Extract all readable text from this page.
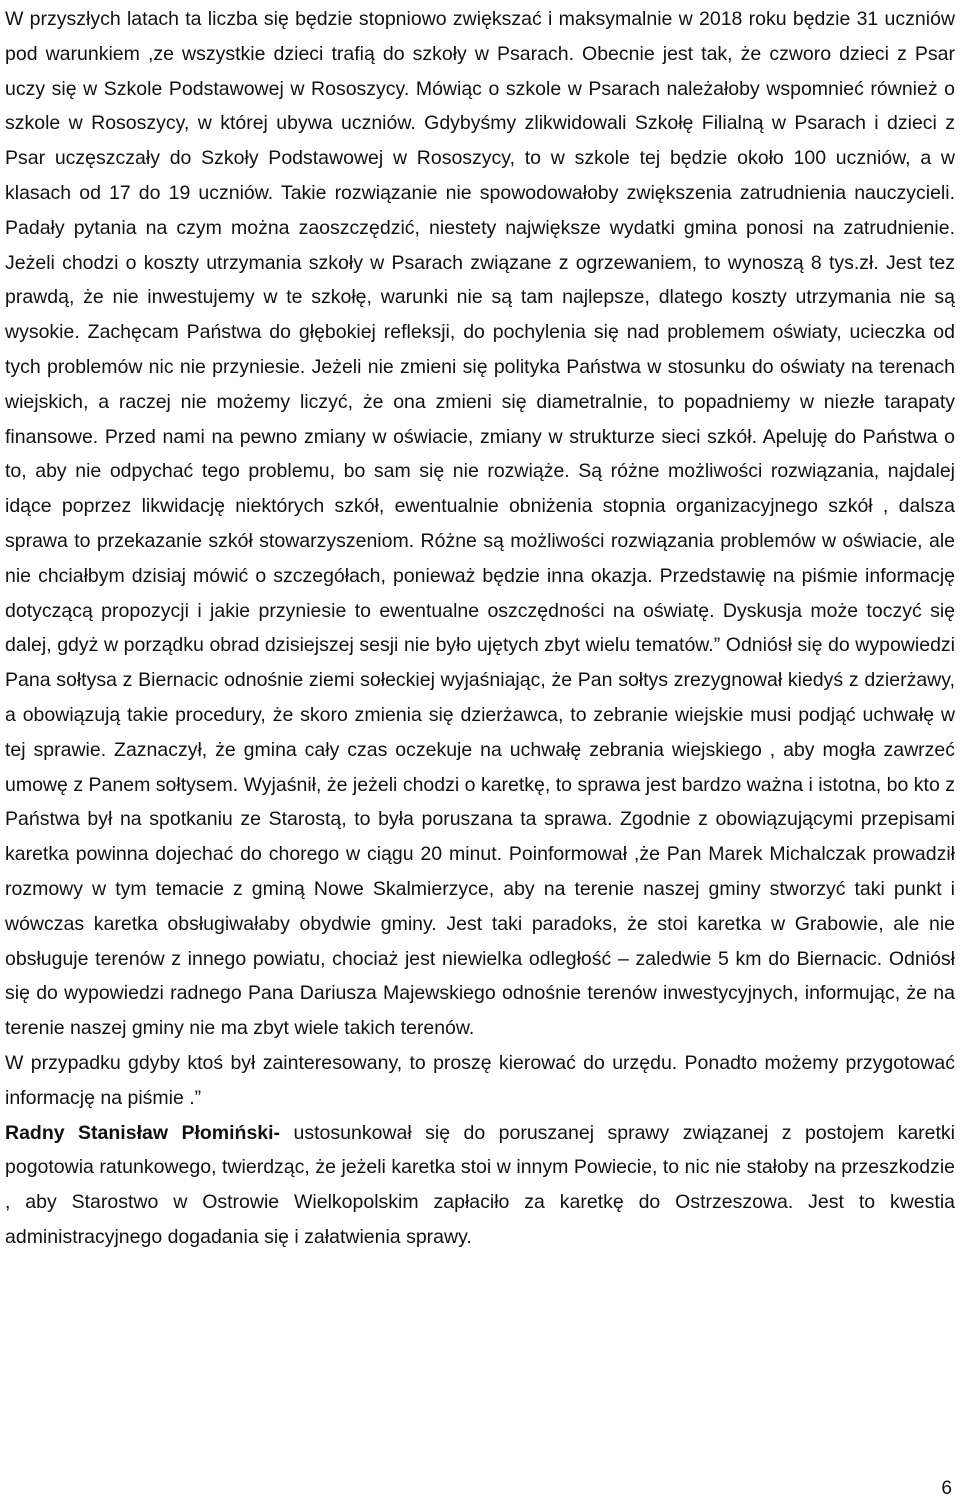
W przyszłych latach ta liczba się będzie stopniowo zwiększać i maksymalnie w 2018 roku będzie 31 uczniów pod warunkiem ,ze wszystkie dzieci trafią do szkoły w Psarach. Obecnie jest tak, że czworo dzieci z Psar uczy się w Szkole Podstawowej w Rososzycy. Mówiąc o szkole w Psarach należałoby wspomnieć również o szkole w Rososzycy, w której ubywa uczniów. Gdybyśmy zlikwidowali Szkołę Filialną w Psarach i dzieci z Psar uczęszczały do Szkoły Podstawowej w Rososzycy, to w szkole tej będzie około 100 uczniów, a w klasach od 17 do 19 uczniów. Takie rozwiązanie nie spowodowałoby zwiększenia zatrudnienia nauczycieli. Padały pytania na czym można zaoszczędzić, niestety największe wydatki gmina ponosi na zatrudnienie. Jeżeli chodzi o koszty utrzymania szkoły w Psarach związane z ogrzewaniem, to wynoszą 8 tys.zł. Jest tez prawdą, że nie inwestujemy w te szkołę, warunki nie są tam najlepsze, dlatego koszty utrzymania nie są wysokie. Zachęcam Państwa do głębokiej refleksji, do pochylenia się nad problemem oświaty, ucieczka od tych problemów nic nie przyniesie. Jeżeli nie zmieni się polityka Państwa w stosunku do oświaty na terenach wiejskich, a raczej nie możemy liczyć, że ona zmieni się diametralnie, to popadniemy w niezłe tarapaty finansowe. Przed nami na pewno zmiany w oświacie, zmiany w strukturze sieci szkół. Apeluję do Państwa o to, aby nie odpychać tego problemu, bo sam się nie rozwiąże. Są różne możliwości rozwiązania, najdalej idące poprzez likwidację niektórych szkół, ewentualnie obniżenia stopnia organizacyjnego szkół , dalsza sprawa to przekazanie szkół stowarzyszeniom. Różne są możliwości rozwiązania problemów w oświacie, ale nie chciałbym dzisiaj mówić o szczegółach, ponieważ będzie inna okazja. Przedstawię na piśmie informację dotyczącą propozycji i jakie przyniesie to ewentualne oszczędności na oświatę. Dyskusja może toczyć się dalej, gdyż w porządku obrad dzisiejszej sesji nie było ujętych zbyt wielu tematów.” Odniósł się do wypowiedzi Pana sołtysa z Biernacic odnośnie ziemi sołeckiej wyjaśniając, że Pan sołtys zrezygnował kiedyś z dzierżawy, a obowiązują takie procedury, że skoro zmienia się dzierżawca, to zebranie wiejskie musi podjąć uchwałę w tej sprawie. Zaznaczył, że gmina cały czas oczekuje na uchwałę zebrania wiejskiego , aby mogła zawrzeć umowę z Panem sołtysem. Wyjaśnił, że jeżeli chodzi o karetkę, to sprawa jest bardzo ważna i istotna, bo kto z Państwa był na spotkaniu ze Starostą, to była poruszana ta sprawa. Zgodnie z obowiązującymi przepisami karetka powinna dojechać do chorego w ciągu 20 minut. Poinformował ,że Pan Marek Michalczak prowadził rozmowy w tym temacie z gminą Nowe Skalmierzyce, aby na terenie naszej gminy stworzyć taki punkt i wówczas karetka obsługiwałaby obydwie gminy. Jest taki paradoks, że stoi karetka w Grabowie, ale nie obsługuje terenów z innego powiatu, chociaż jest niewielka odległość – zaledwie 5 km do Biernacic. Odniósł się do wypowiedzi radnego Pana Dariusza Majewskiego odnośnie terenów inwestycyjnych, informując, że na terenie naszej gminy nie ma zbyt wiele takich terenów.

W przypadku gdyby ktoś był zainteresowany, to proszę kierować do urzędu. Ponadto możemy przygotować informację na piśmie .”

Radny Stanisław Płomiński- ustosunkował się do poruszanej sprawy związanej z postojem karetki pogotowia ratunkowego, twierdząc, że jeżeli karetka stoi w innym Powiecie, to nic nie stałoby na przeszkodzie , aby Starostwo w Ostrowie Wielkopolskim zapłaciło za karetkę do Ostrzeszowa. Jest to kwestia administracyjnego dogadania się i załatwienia sprawy.

6
